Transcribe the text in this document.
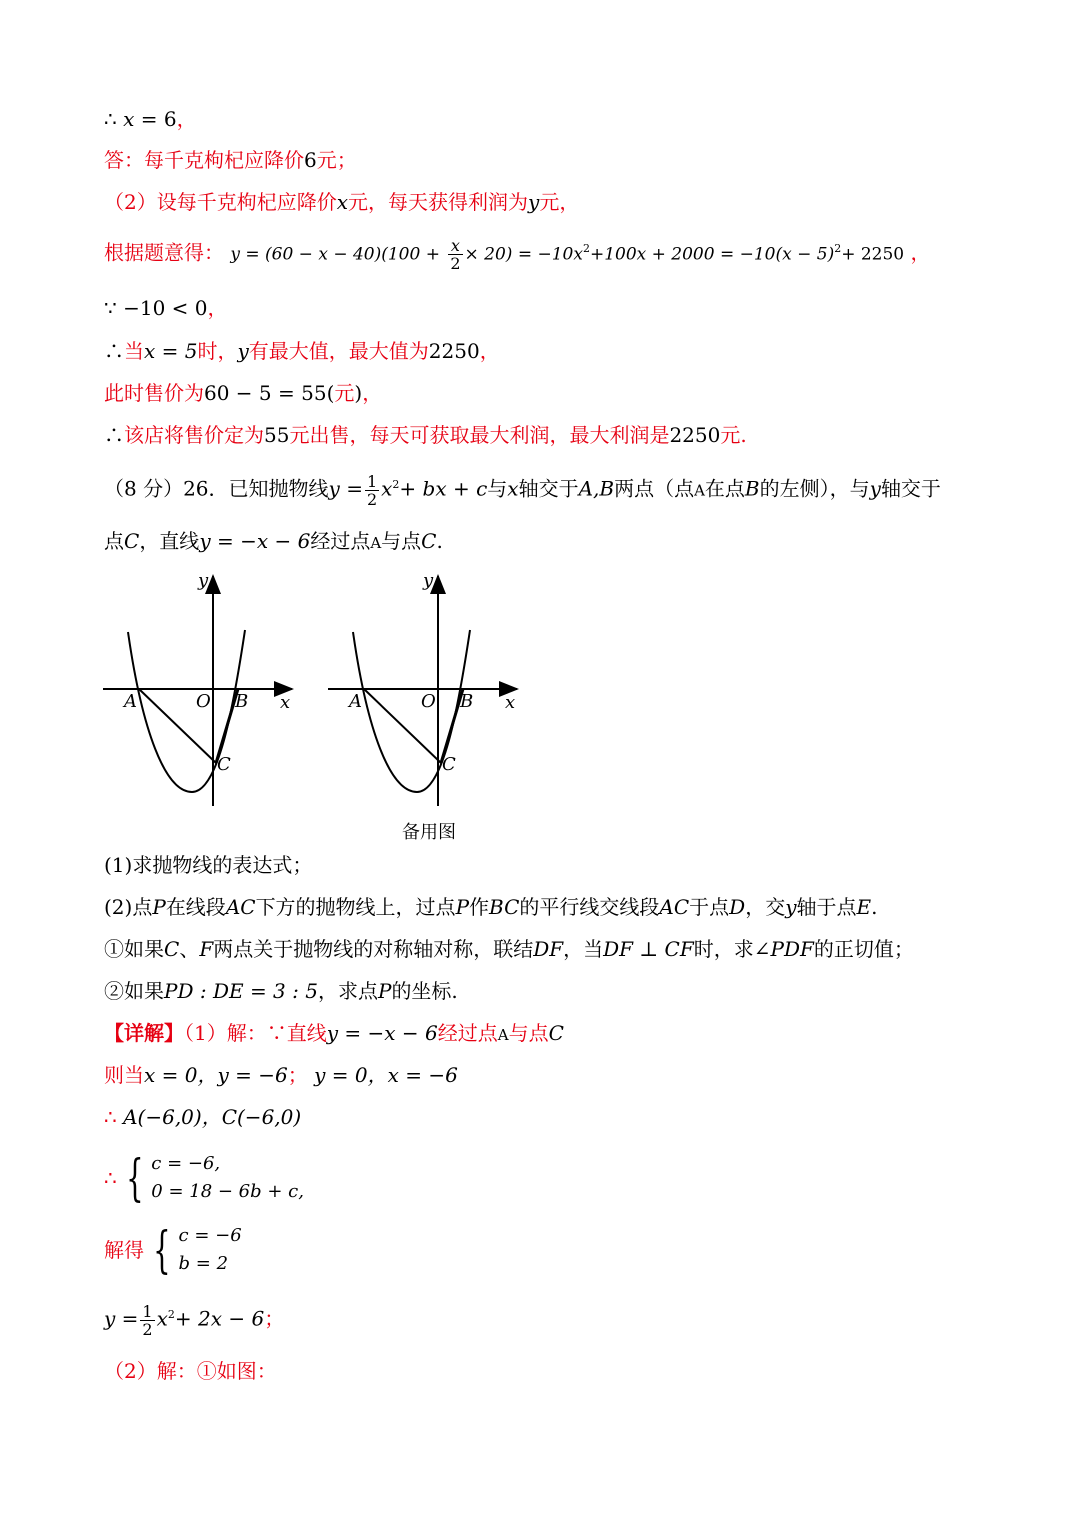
∴ x = 6，
答：每千克枸杞应降价6元；
（2）设每千克枸杞应降价x元，每天获得利润为y元，
根据题意得： $y = (60 - x - 40)(100 + \frac{x}{2} \times 20) = -10x^2+100x + 2000 = -10(x - 5)^2+ 2250$ ，
∵ −10 < 0，
∴当x = 5时，y有最大值，最大值为2250，
此时售价为60 − 5 = 55(元)，
∴该店将售价定为55元出售，每天可获取最大利润，最大利润是2250元.
（8 分）26．已知抛物线$y = \frac{1}{2} x^2+$ bx + c与x轴交于A,B两点（点A在点B的左侧），与y轴交于
点C，直线y = −x − 6经过点A与点C.
y
x
A	O B
C
y
x
A	O B
C
备用图
(1)求抛物线的表达式；
(2)点P在线段AC下方的抛物线上，过点P作BC的平行线交线段AC于点D，交y轴于点E.
①如果C、F两点关于抛物线的对称轴对称，联结DF，当DF ⊥ CF时，求∠PDF的正切值；
②如果PD : DE = 3 : 5，求点P的坐标.
【详解】（1）解：∵直线y = −x − 6经过点A与点C
则当x = 0，y = −6； y = 0，x = −6
∴ A(−6,0)，C(−6,0)
∴ { c = −6,
0 = 18 − 6b + c,
解得 { c = −6
b = 2
$y = \frac{1}{2} x^2+ 2x - 6$；
（2）解：①如图：
